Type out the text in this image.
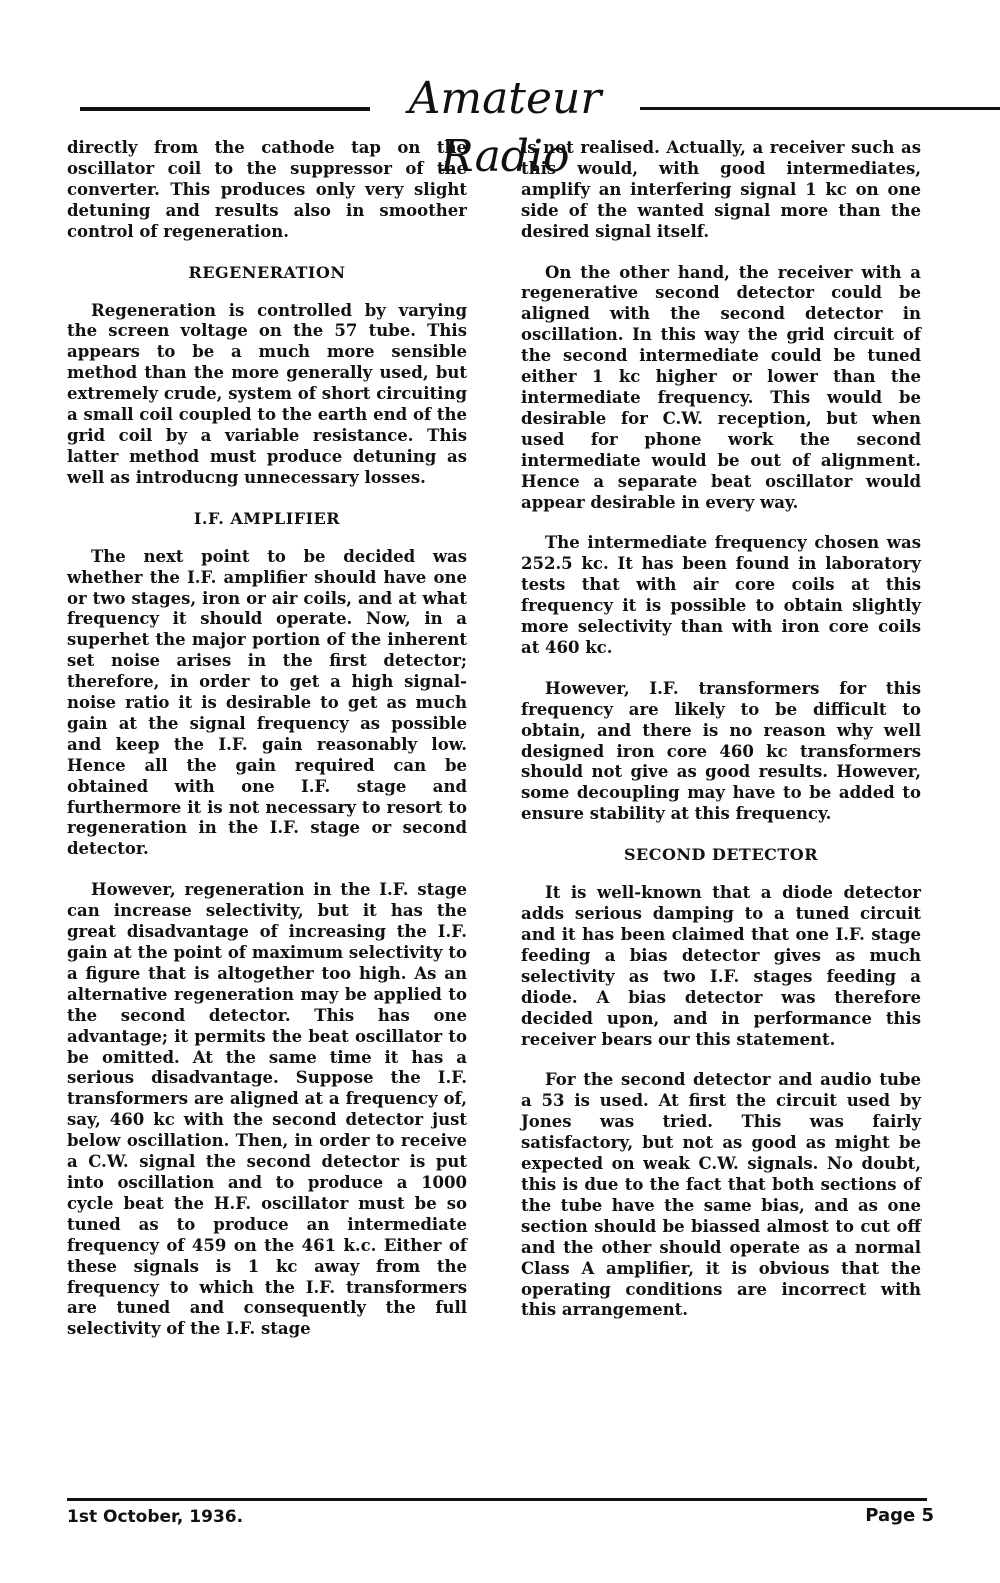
Amateur Radio

directly from the cathode tap on the oscillator coil to the suppressor of the converter. This produces only very slight detuning and results also in smoother control of regeneration.

REGENERATION

Regeneration is controlled by varying the screen voltage on the 57 tube. This appears to be a much more sensible method than the more generally used, but extremely crude, system of short circuiting a small coil coupled to the earth end of the grid coil by a variable resistance. This latter method must produce detuning as well as introducng unnecessary losses.

I.F. AMPLIFIER

The next point to be decided was whether the I.F. amplifier should have one or two stages, iron or air coils, and at what frequency it should operate. Now, in a superhet the major portion of the inherent set noise arises in the first detector; therefore, in order to get a high signal-noise ratio it is desirable to get as much gain at the signal frequency as possible and keep the I.F. gain reasonably low. Hence all the gain required can be obtained with one I.F. stage and furthermore it is not necessary to resort to regeneration in the I.F. stage or second detector.

However, regeneration in the I.F. stage can increase selectivity, but it has the great disadvantage of increasing the I.F. gain at the point of maximum selectivity to a figure that is altogether too high. As an alternative regeneration may be applied to the second detector. This has one advantage; it permits the beat oscillator to be omitted. At the same time it has a serious disadvantage. Suppose the I.F. transformers are aligned at a frequency of, say, 460 kc with the second detector just below oscillation. Then, in order to receive a C.W. signal the second detector is put into oscillation and to produce a 1000 cycle beat the H.F. oscillator must be so tuned as to produce an intermediate frequency of 459 on the 461 k.c. Either of these signals is 1 kc away from the frequency to which the I.F. transformers are tuned and consequently the full selectivity of the I.F. stage

is not realised. Actually, a receiver such as this would, with good intermediates, amplify an interfering signal 1 kc on one side of the wanted signal more than the desired signal itself.

On the other hand, the receiver with a regenerative second detector could be aligned with the second detector in oscillation. In this way the grid circuit of the second intermediate could be tuned either 1 kc higher or lower than the intermediate frequency. This would be desirable for C.W. reception, but when used for phone work the second intermediate would be out of alignment. Hence a separate beat oscillator would appear desirable in every way.

The intermediate frequency chosen was 252.5 kc. It has been found in laboratory tests that with air core coils at this frequency it is possible to obtain slightly more selectivity than with iron core coils at 460 kc.

However, I.F. transformers for this frequency are likely to be difficult to obtain, and there is no reason why well designed iron core 460 kc transformers should not give as good results. However, some decoupling may have to be added to ensure stability at this frequency.

SECOND DETECTOR

It is well-known that a diode detector adds serious damping to a tuned circuit and it has been claimed that one I.F. stage feeding a bias detector gives as much selectivity as two I.F. stages feeding a diode. A bias detector was therefore decided upon, and in performance this receiver bears our this statement.

For the second detector and audio tube a 53 is used. At first the circuit used by Jones was tried. This was fairly satisfactory, but not as good as might be expected on weak C.W. signals. No doubt, this is due to the fact that both sections of the tube have the same bias, and as one section should be biassed almost to cut off and the other should operate as a normal Class A amplifier, it is obvious that the operating conditions are incorrect with this arrangement.

1st October, 1936.	Page 5
